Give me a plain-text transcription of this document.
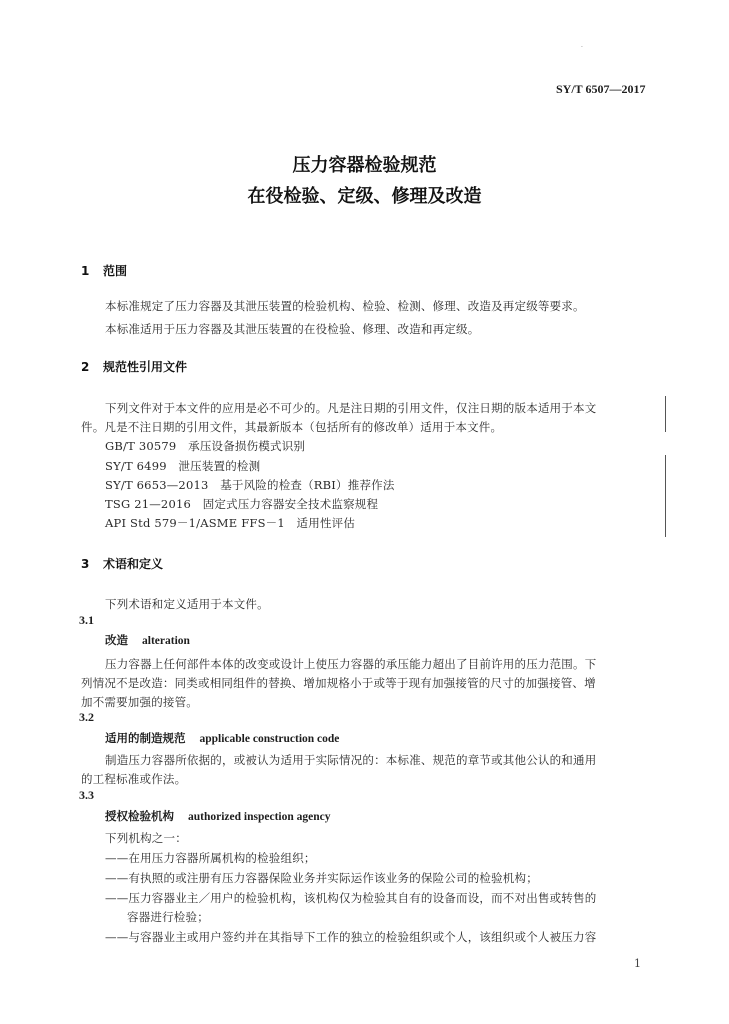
·
SY/T 6507—2017
压力容器检验规范
在役检验、定级、修理及改造
1 范围
本标准规定了压力容器及其泄压装置的检验机构、检验、检测、修理、改造及再定级等要求。
本标准适用于压力容器及其泄压装置的在役检验、修理、改造和再定级。
2 规范性引用文件
下列文件对于本文件的应用是必不可少的。凡是注日期的引用文件，仅注日期的版本适用于本文
件。凡是不注日期的引用文件，其最新版本（包括所有的修改单）适用于本文件。
GB/T 30579　承压设备损伤模式识别
SY/T 6499　泄压装置的检测
SY/T 6653—2013　基于风险的检查（RBI）推荐作法
TSG 21—2016　固定式压力容器安全技术监察规程
API Std 579－1/ASME FFS－1　适用性评估
3 术语和定义
下列术语和定义适用于本文件。
3.1
改造 alteration
压力容器上任何部件本体的改变或设计上使压力容器的承压能力超出了目前许用的压力范围。下
列情况不是改造：同类或相同组件的替换、增加规格小于或等于现有加强接管的尺寸的加强接管、增
加不需要加强的接管。
3.2
适用的制造规范 applicable construction code
制造压力容器所依据的，或被认为适用于实际情况的：本标准、规范的章节或其他公认的和通用
的工程标准或作法。
3.3
授权检验机构 authorized inspection agency
下列机构之一：
——在用压力容器所属机构的检验组织；
——有执照的或注册有压力容器保险业务并实际运作该业务的保险公司的检验机构；
——压力容器业主／用户的检验机构，该机构仅为检验其自有的设备而设，而不对出售或转售的
容器进行检验；
——与容器业主或用户签约并在其指导下工作的独立的检验组织或个人，该组织或个人被压力容
1
